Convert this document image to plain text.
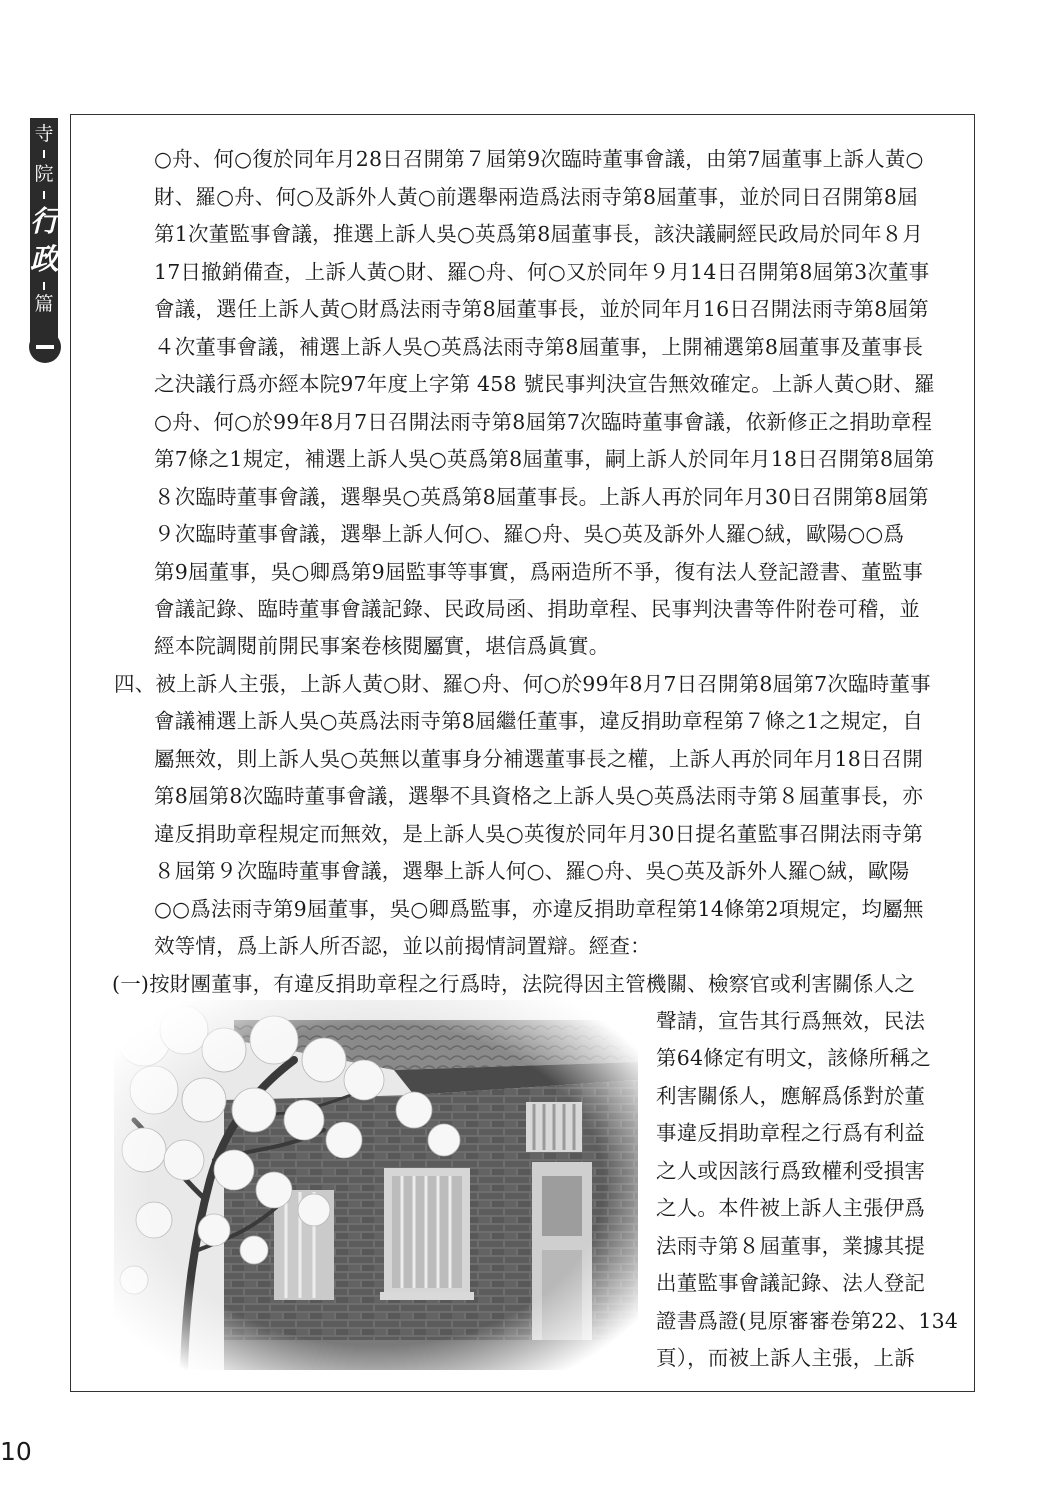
寺
院
行
政
篇
○舟、何○復於同年月28日召開第７屆第9次臨時董事會議，由第7屆董事上訴人黃○
財、羅○舟、何○及訴外人黃○前選舉兩造爲法雨寺第8屆董事，並於同日召開第8屆
第1次董監事會議，推選上訴人吳○英爲第8屆董事長，該決議嗣經民政局於同年８月
17日撤銷備查，上訴人黃○財、羅○舟、何○又於同年９月14日召開第8屆第3次董事
會議，選任上訴人黃○財爲法雨寺第8屆董事長，並於同年月16日召開法雨寺第8屆第
４次董事會議，補選上訴人吳○英爲法雨寺第8屆董事，上開補選第8屆董事及董事長
之決議行爲亦經本院97年度上字第 458 號民事判決宣告無效確定。上訴人黃○財、羅
○舟、何○於99年8月7日召開法雨寺第8屆第7次臨時董事會議，依新修正之捐助章程
第7條之1規定，補選上訴人吳○英爲第8屆董事，嗣上訴人於同年月18日召開第8屆第
８次臨時董事會議，選舉吳○英爲第8屆董事長。上訴人再於同年月30日召開第8屆第
９次臨時董事會議，選舉上訴人何○、羅○舟、吳○英及訴外人羅○絨，歐陽○○爲
第9屆董事，吳○卿爲第9屆監事等事實，爲兩造所不爭，復有法人登記證書、董監事
會議記錄、臨時董事會議記錄、民政局函、捐助章程、民事判決書等件附卷可稽，並
經本院調閱前開民事案卷核閱屬實，堪信爲眞實。
四、被上訴人主張，上訴人黃○財、羅○舟、何○於99年8月7日召開第8屆第7次臨時董事
會議補選上訴人吳○英爲法雨寺第8屆繼任董事，違反捐助章程第７條之1之規定，自
屬無效，則上訴人吳○英無以董事身分補選董事長之權，上訴人再於同年月18日召開
第8屆第8次臨時董事會議，選舉不具資格之上訴人吳○英爲法雨寺第８屆董事長，亦
違反捐助章程規定而無效，是上訴人吳○英復於同年月30日提名董監事召開法雨寺第
８屆第９次臨時董事會議，選舉上訴人何○、羅○舟、吳○英及訴外人羅○絨，歐陽
○○爲法雨寺第9屆董事，吳○卿爲監事，亦違反捐助章程第14條第2項規定，均屬無
效等情，爲上訴人所否認，並以前揭情詞置辯。經查：
(一)按財團董事，有違反捐助章程之行爲時，法院得因主管機關、檢察官或利害關係人之
聲請，宣告其行爲無效，民法
第64條定有明文，該條所稱之
利害關係人，應解爲係對於董
事違反捐助章程之行爲有利益
之人或因該行爲致權利受損害
之人。本件被上訴人主張伊爲
法雨寺第８屆董事，業據其提
出董監事會議記錄、法人登記
證書爲證(見原審審卷第22、134
頁），而被上訴人主張，上訴
10
